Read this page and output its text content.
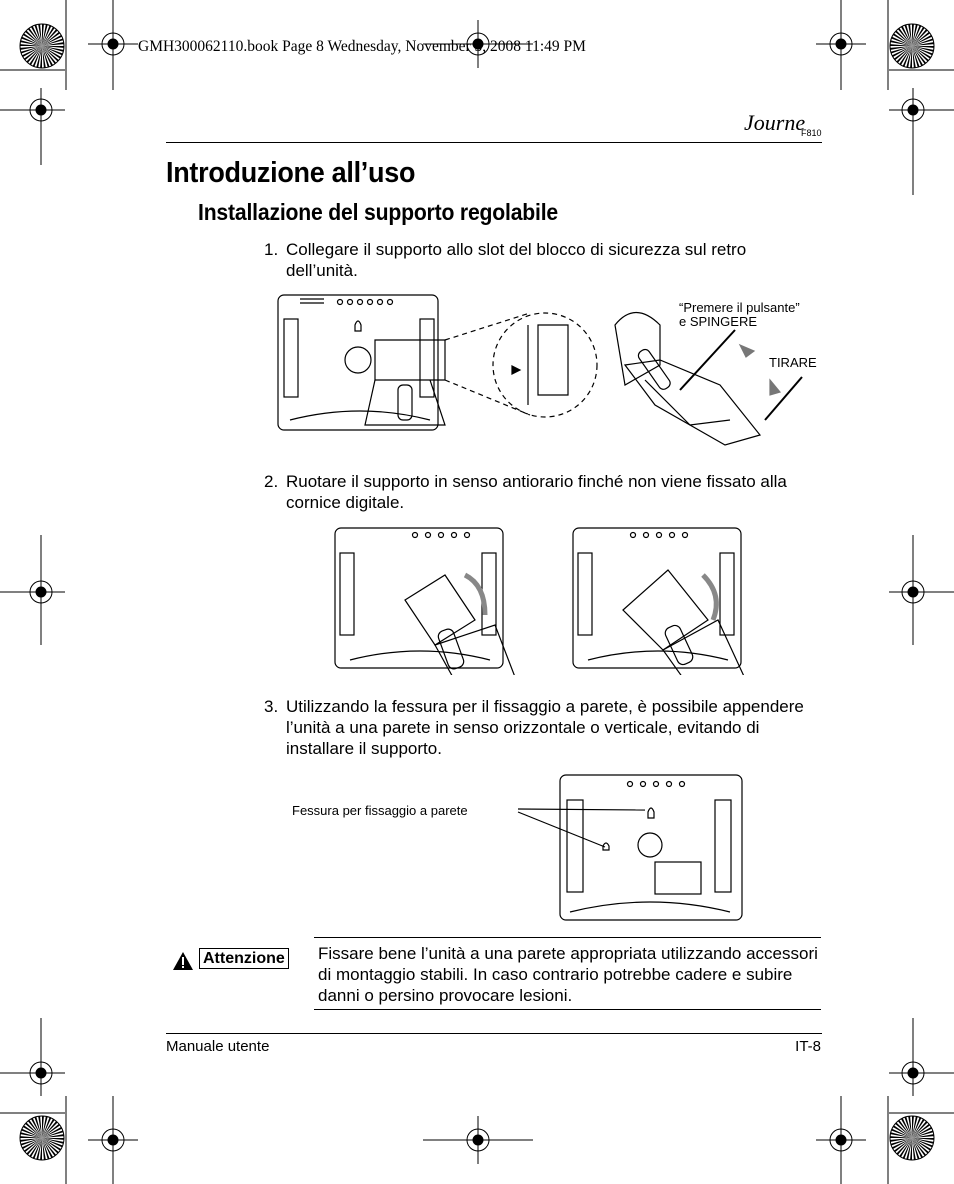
GMH300062110.book Page 8 Wednesday, November 5, 2008 11:49 PM
Journe
F810
Introduzione all’uso
Installazione del supporto regolabile
1. Collegare il supporto allo slot del blocco di sicurezza sul retro dell’unità.
“Premere il pulsante”
e SPINGERE
TIRARE
2. Ruotare il supporto in senso antiorario finché non viene fissato alla cornice digitale.
3. Utilizzando la fessura per il fissaggio a parete, è possibile appendere l’unità a una parete in senso orizzontale o verticale, evitando di installare il supporto.
Fessura per fissaggio a parete
Attenzione Fissare bene l’unità a una parete appropriata utilizzando accessori di montaggio stabili. In caso contrario potrebbe cadere e subire danni o persino provocare lesioni.
Manuale utente	IT-8
